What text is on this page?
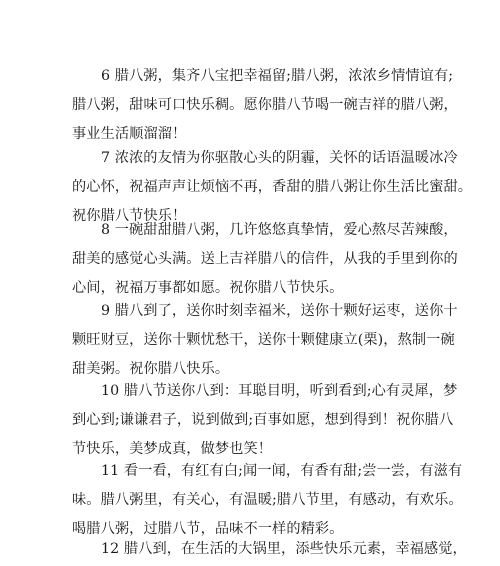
6 腊八粥，集齐八宝把幸福留;腊八粥，浓浓乡情情谊有;
腊八粥，甜味可口快乐稠。愿你腊八节喝一碗吉祥的腊八粥，
事业生活顺溜溜！

7 浓浓的友情为你驱散心头的阴霾，关怀的话语温暖冰冷
的心怀，祝福声声让烦恼不再，香甜的腊八粥让你生活比蜜甜。
祝你腊八节快乐！

8 一碗甜甜腊八粥，几许悠悠真挚情，爱心熬尽苦辣酸，
甜美的感觉心头满。送上吉祥腊八的信件，从我的手里到你的
心间，祝福万事都如愿。祝你腊八节快乐。

9 腊八到了，送你时刻幸福米，送你十颗好运枣，送你十
颗旺财豆，送你十颗忧愁干，送你十颗健康立(栗)，熬制一碗
甜美粥。祝你腊八快乐。

10 腊八节送你八到：耳聪目明，听到看到;心有灵犀，梦
到心到;谦谦君子，说到做到;百事如愿，想到得到！祝你腊八
节快乐，美梦成真，做梦也笑！

11 看一看，有红有白;闻一闻，有香有甜;尝一尝，有滋有
味。腊八粥里，有关心，有温暖;腊八节里，有感动，有欢乐。
喝腊八粥，过腊八节，品味不一样的精彩。

12 腊八到，在生活的大锅里，添些快乐元素，幸福感觉，
